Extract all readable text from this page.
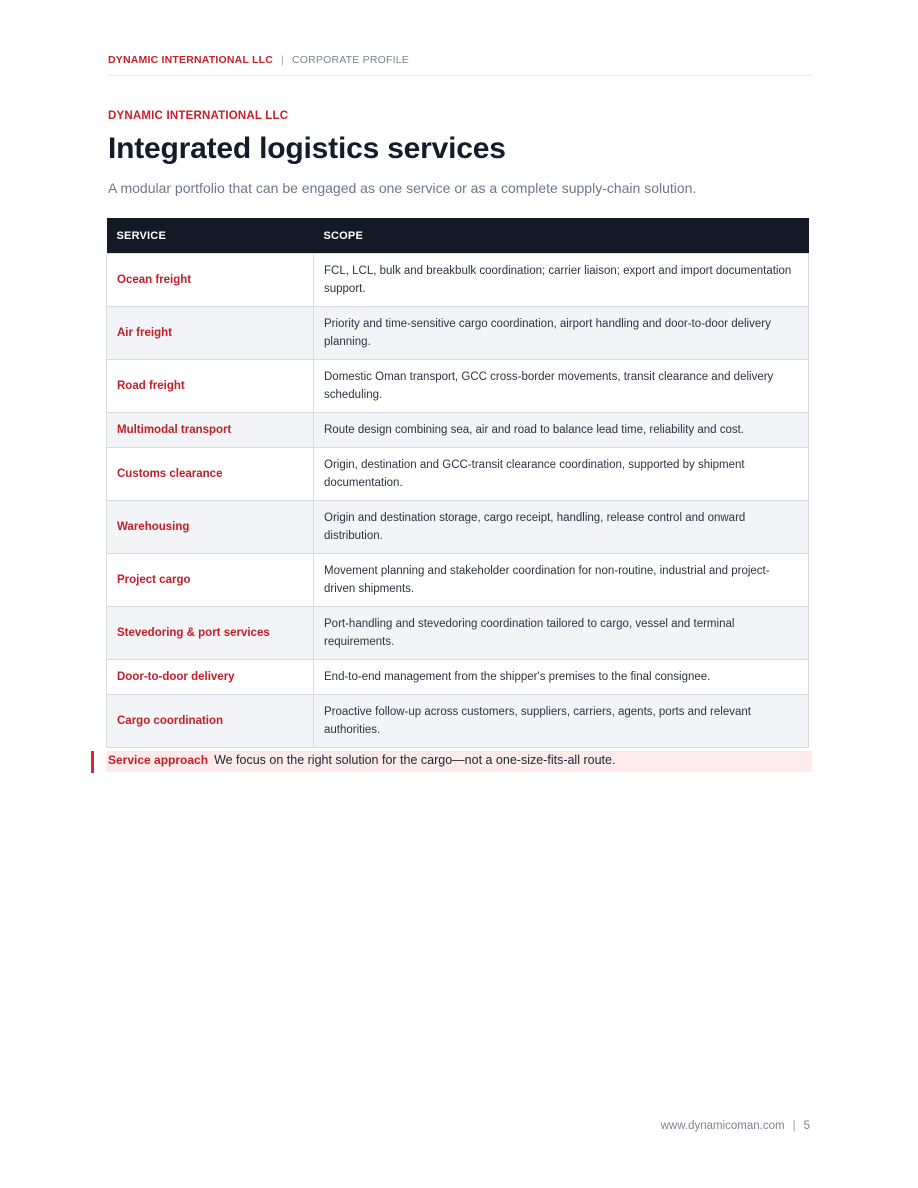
DYNAMIC INTERNATIONAL LLC | CORPORATE PROFILE
DYNAMIC INTERNATIONAL LLC
Integrated logistics services

A modular portfolio that can be engaged as one service or as a complete supply-chain solution.

SERVICE	SCOPE
Ocean freight	FCL, LCL, bulk and breakbulk coordination; carrier liaison; export and import documentation support.
Air freight	Priority and time-sensitive cargo coordination, airport handling and door-to-door delivery planning.
Road freight	Domestic Oman transport, GCC cross-border movements, transit clearance and delivery scheduling.
Multimodal transport	Route design combining sea, air and road to balance lead time, reliability and cost.
Customs clearance	Origin, destination and GCC-transit clearance coordination, supported by shipment documentation.
Warehousing	Origin and destination storage, cargo receipt, handling, release control and onward distribution.
Project cargo	Movement planning and stakeholder coordination for non-routine, industrial and project-driven shipments.
Stevedoring & port services	Port-handling and stevedoring coordination tailored to cargo, vessel and terminal requirements.
Door-to-door delivery	End-to-end management from the shipper's premises to the final consignee.
Cargo coordination	Proactive follow-up across customers, suppliers, carriers, agents, ports and relevant authorities.
Service approach We focus on the right solution for the cargo—not a one-size-fits-all route.
www.dynamicoman.com | 5
